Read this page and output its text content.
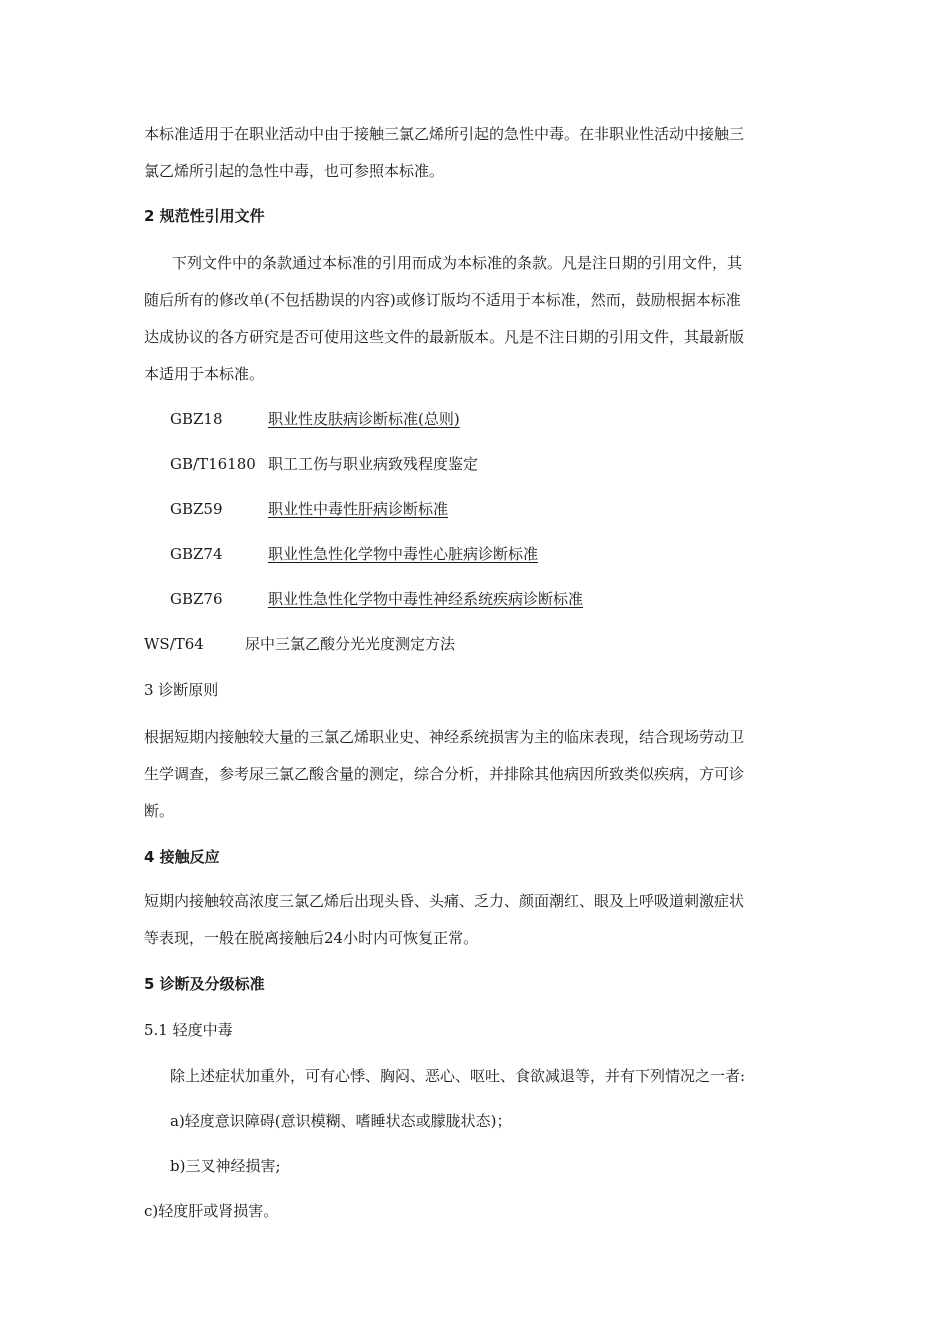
本标准适用于在职业活动中由于接触三氯乙烯所引起的急性中毒。在非职业性活动中接触三
氯乙烯所引起的急性中毒，也可参照本标准。
2 规范性引用文件
下列文件中的条款通过本标准的引用而成为本标准的条款。凡是注日期的引用文件，其
随后所有的修改单(不包括勘误的内容)或修订版均不适用于本标准，然而，鼓励根据本标准
达成协议的各方研究是否可使用这些文件的最新版本。凡是不注日期的引用文件，其最新版
本适用于本标准。
GBZ18	职业性皮肤病诊断标准(总则)
GB/T16180 职工工伤与职业病致残程度鉴定
GBZ59	职业性中毒性肝病诊断标准
GBZ74	职业性急性化学物中毒性心脏病诊断标准
GBZ76	职业性急性化学物中毒性神经系统疾病诊断标准
WS/T64	尿中三氯乙酸分光光度测定方法
3 诊断原则
根据短期内接触较大量的三氯乙烯职业史、神经系统损害为主的临床表现，结合现场劳动卫
生学调查，参考尿三氯乙酸含量的测定，综合分析，并排除其他病因所致类似疾病，方可诊
断。
4 接触反应
短期内接触较高浓度三氯乙烯后出现头昏、头痛、乏力、颜面潮红、眼及上呼吸道刺激症状
等表现，一般在脱离接触后24小时内可恢复正常。
5 诊断及分级标准
5.1 轻度中毒
除上述症状加重外，可有心悸、胸闷、恶心、呕吐、食欲减退等，并有下列情况之一者:
a)轻度意识障碍(意识模糊、嗜睡状态或朦胧状态)；
b)三叉神经损害;
c)轻度肝或肾损害。
